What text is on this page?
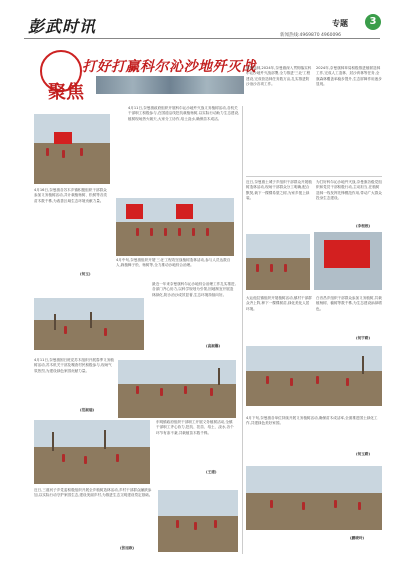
彭武时讯	专题	3
新闻热线:4969870 4960096
打好打赢科尔沁沙地歼灭战
聚焦
4月11日,奈曼旗政府组织开展科尔沁沙地歼灭战义务植树活动,各机关干部职工积极参与,在国道沿线挖坑栽植杨树,以实际行动助力生态建设,植树现场热火朝天,大家分工协作,培土浇水,确保苗木成活。
4月16日,奈曼旗各苏木乡镇积极组织干部群众参加义务植树活动,共计栽植杨树、松树等各类苗木数千株,为改善区域生态环境贡献力量。
(何玉)
4月中旬,奈曼旗组织开展'三北'工程攻坚战植树造林活动,参与人员达数百人,栽植樟子松、杨树等,全力推动沙地综合治理。
最近一年来奈曼旗科尔沁沙地综合治理工作扎实推进,各部门齐心协力,以科学规划为引领,因地制宜开展造林绿化,防沙治沙成效显著,生态环境持续向好。
(高淑馨)
4月11日,奈曼旗固日班花苏木组织开展春季义务植树活动,苏木机关干部及嘎查村民积极参与,现场气氛热烈,为建设绿色家园贡献力量。
(范淑瑞)
东明镇政府组织干部职工开展义务植树活动,全镇干部职工齐心协力,挖坑、扶苗、培土、浇水,各个环节有条不紊,共栽植苗木数千株。
(王建)
近日,三道河子乡党委积极组织开展全乡植树造林活动,乡村干部群众踊跃参加,以实际行动守护家园生态,建设美丽乡村,为推进生态文明建设奠定基础。
(张旭欧)
植树造林,2024年,奈曼旗深入贯彻落实科尔沁沙地歼灭战部署,全力推进'三北'工程建设,完成营造林任务数万亩,扎实推进防沙治沙各项工作。
2024年,奈曼旗林草局积极推进植树造林工作,完成人工造林、封沙育林等任务,全旗森林覆盖率稳步提升,生态屏障作用逐步显现。
近日,奈曼旗土城子乡组织干部群众开展植树造林活动,现场干部群众分工明确,配合默契,栽下一棵棵希望之树,为家乡披上绿装。
为打好科尔沁沙地歼灭战,奈曼旗各级党组织和党员干部积极行动,主动担当,在植树造林一线发挥先锋模范作用,带动广大群众投身生态建设。
(李根根)
大沁他拉镇组织开展植树活动,镇村干部群众齐上阵,种下一棵棵树苗,绿化美化人居环境。
白音昌乡组织干部群众参加义务植树,共栽植杨树、榆树等数千株,为生态建设添绿增色。
(何宇路)
4月下旬,奈曼旗各单位持续开展义务植树活动,确保苗木成活率,全面推进国土绿化工作,共建绿色美好家园。
(何玉路)
(鹏晓玲)
